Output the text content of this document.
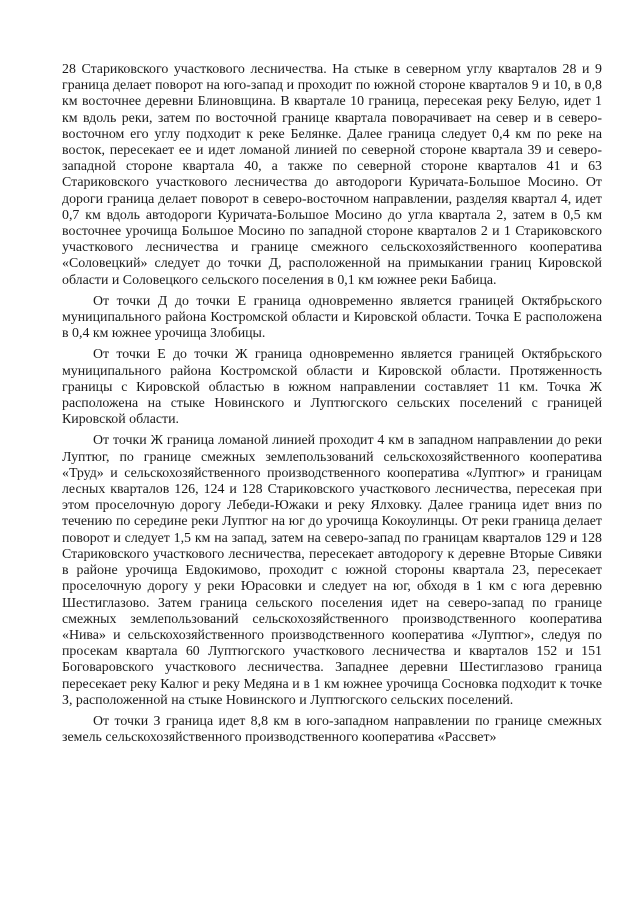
28 Стариковского участкового лесничества. На стыке в северном углу кварталов 28 и 9 граница делает поворот на юго-запад и проходит по южной стороне кварталов 9 и 10, в 0,8 км восточнее деревни Блиновщина. В квартале 10 граница, пересекая реку Белую, идет 1 км вдоль реки, затем по восточной границе квартала поворачивает на север и в северо-восточном его углу подходит к реке Белянке. Далее граница следует 0,4 км по реке на восток, пересекает ее и идет ломаной линией по северной стороне квартала 39 и северо-западной стороне квартала 40, а также по северной стороне кварталов 41 и 63 Стариковского участкового лесничества до автодороги Куричата-Большое Мосино. От дороги граница делает поворот в северо-восточном направлении, разделяя квартал 4, идет 0,7 км вдоль автодороги Куричата-Большое Мосино до угла квартала 2, затем в 0,5 км восточнее урочища Большое Мосино по западной стороне кварталов 2 и 1 Стариковского участкового лесничества и границе смежного сельскохозяйственного кооператива «Соловецкий» следует до точки Д, расположенной на примыкании границ Кировской области и Соловецкого сельского поселения в 0,1 км южнее реки Бабица.

От точки Д до точки Е граница одновременно является границей Октябрьского муниципального района Костромской области и Кировской области. Точка Е расположена в 0,4 км южнее урочища Злобицы.

От точки Е до точки Ж граница одновременно является границей Октябрьского муниципального района Костромской области и Кировской области. Протяженность границы с Кировской областью в южном направлении составляет 11 км. Точка Ж расположена на стыке Новинского и Луптюгского сельских поселений с границей Кировской области.

От точки Ж граница ломаной линией проходит 4 км в западном направлении до реки Луптюг, по границе смежных землепользований сельскохозяйственного кооператива «Труд» и сельскохозяйственного производственного кооператива «Луптюг» и границам лесных кварталов 126, 124 и 128 Стариковского участкового лесничества, пересекая при этом проселочную дорогу Лебеди-Южаки и реку Ялховку. Далее граница идет вниз по течению по середине реки Луптюг на юг до урочища Кокоулинцы. От реки граница делает поворот и следует 1,5 км на запад, затем на северо-запад по границам кварталов 129 и 128 Стариковского участкового лесничества, пересекает автодорогу к деревне Вторые Сивяки в районе урочища Евдокимово, проходит с южной стороны квартала 23, пересекает проселочную дорогу у реки Юрасовки и следует на юг, обходя в 1 км с юга деревню Шестиглазово. Затем граница сельского поселения идет на северо-запад по границе смежных землепользований сельскохозяйственного производственного кооператива «Нива» и сельскохозяйственного производственного кооператива «Луптюг», следуя по просекам квартала 60 Луптюгского участкового лесничества и кварталов 152 и 151 Боговаровского участкового лесничества. Западнее деревни Шестиглазово граница пересекает реку Калюг и реку Медяна и в 1 км южнее урочища Сосновка подходит к точке З, расположенной на стыке Новинского и Луптюгского сельских поселений.

От точки З граница идет 8,8 км в юго-западном направлении по границе смежных земель сельскохозяйственного производственного кооператива «Рассвет»
